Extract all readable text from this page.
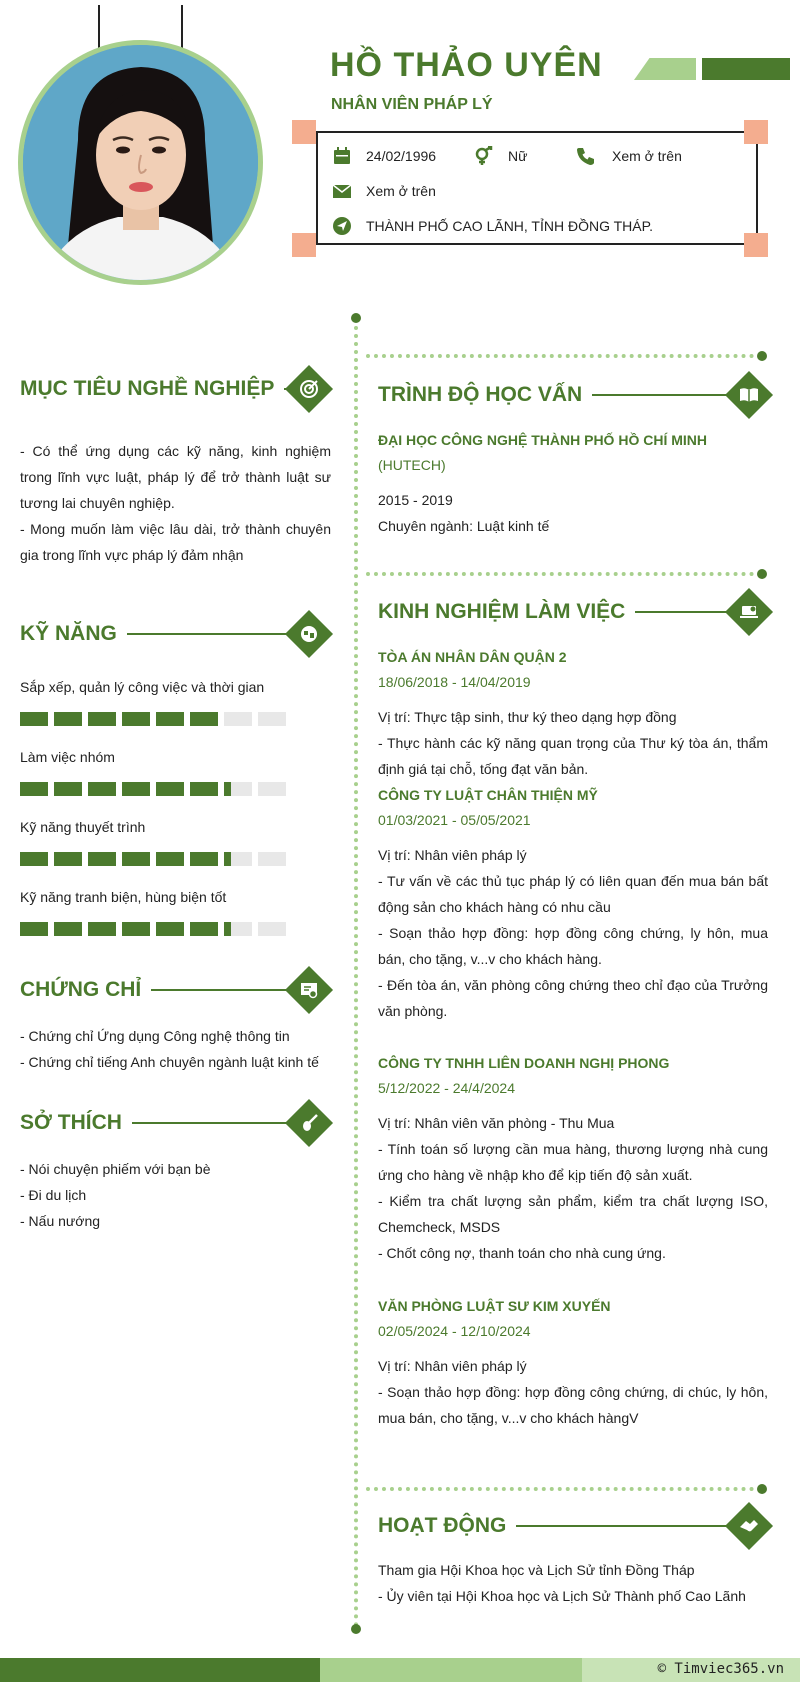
HỒ THẢO UYÊN
NHÂN VIÊN PHÁP LÝ
24/02/1996	Nữ	Xem ở trên
Xem ở trên
THÀNH PHỐ CAO LÃNH, TỈNH ĐỒNG THÁP.
MỤC TIÊU NGHỀ NGHIỆP
- Có thể ứng dụng các kỹ năng, kinh nghiệm trong lĩnh vực luật, pháp lý để trở thành luật sư tương lai chuyên nghiệp.
- Mong muốn làm việc lâu dài, trở thành chuyên gia trong lĩnh vực pháp lý đảm nhận
KỸ NĂNG
Sắp xếp, quản lý công việc và thời gian
Làm việc nhóm
Kỹ năng thuyết trình
Kỹ năng tranh biện, hùng biện tốt
CHỨNG CHỈ
- Chứng chỉ Ứng dụng Công nghệ thông tin
- Chứng chỉ tiếng Anh chuyên ngành luật kinh tế
SỞ THÍCH
- Nói chuyện phiếm với bạn bè
- Đi du lịch
- Nấu nướng
TRÌNH ĐỘ HỌC VẤN
ĐẠI HỌC CÔNG NGHỆ THÀNH PHỐ HỒ CHÍ MINH
(HUTECH)
2015 - 2019
Chuyên ngành: Luật kinh tế
KINH NGHIỆM LÀM VIỆC
TÒA ÁN NHÂN DÂN QUẬN 2
18/06/2018 - 14/04/2019
Vị trí: Thực tập sinh, thư ký theo dạng hợp đồng
- Thực hành các kỹ năng quan trọng của Thư ký tòa án, thẩm định giá tại chỗ, tống đạt văn bản.
CÔNG TY LUẬT CHÂN THIỆN MỸ
01/03/2021 - 05/05/2021
Vị trí: Nhân viên pháp lý
- Tư vấn về các thủ tục pháp lý có liên quan đến mua bán bất động sản cho khách hàng có nhu cầu
- Soạn thảo hợp đồng: hợp đồng công chứng, ly hôn, mua bán, cho tặng, v...v cho khách hàng.
- Đến tòa án, văn phòng công chứng theo chỉ đạo của Trưởng văn phòng.
CÔNG TY TNHH LIÊN DOANH NGHỊ PHONG
5/12/2022 - 24/4/2024
Vị trí: Nhân viên văn phòng - Thu Mua
- Tính toán số lượng cần mua hàng, thương lượng nhà cung ứng cho hàng về nhập kho để kịp tiến độ sản xuất.
- Kiểm tra chất lượng sản phẩm, kiểm tra chất lượng ISO, Chemcheck, MSDS
- Chốt công nợ, thanh toán cho nhà cung ứng.
VĂN PHÒNG LUẬT SƯ KIM XUYẾN
02/05/2024 - 12/10/2024
Vị trí: Nhân viên pháp lý
- Soạn thảo hợp đồng: hợp đồng công chứng, di chúc, ly hôn, mua bán, cho tặng, v...v cho khách hàngV
HOẠT ĐỘNG
Tham gia Hội Khoa học và Lịch Sử tỉnh Đồng Tháp
- Ủy viên tại Hội Khoa học và Lịch Sử Thành phố Cao Lãnh
© Timviec365.vn
